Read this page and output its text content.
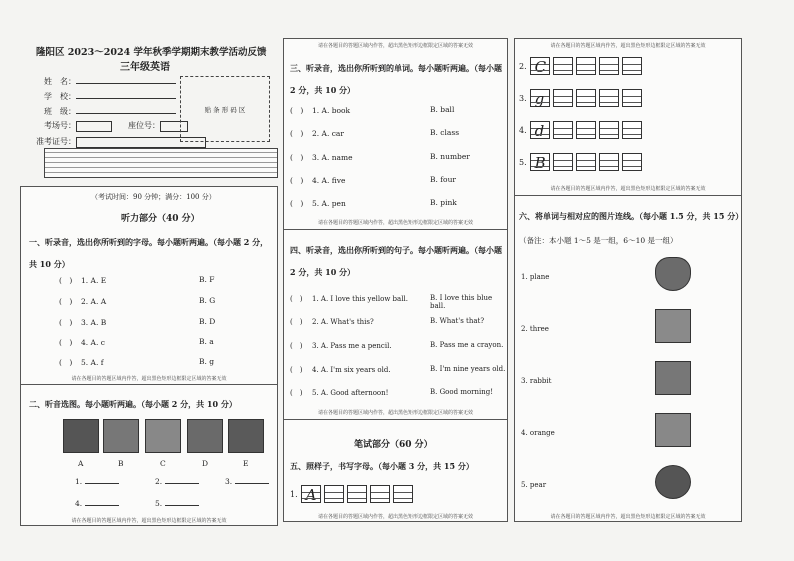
隆阳区 2023～2024 学年秋季学期期末教学活动反馈
三年级英语
姓　名：
学　校：
班　级：
考场号：	座位号：
准考证号：
贴 条 形 码 区
（考试时间：90 分钟；满分：100 分）
听力部分（40 分）
一、听录音，选出你所听到的字母。每小题听两遍。（每小题 2 分，共 10 分）
(　) 1. A. E	B. F
(　) 2. A. A	B. G
(　) 3. A. B	B. D
(　) 4. A. c	B. a
(　) 5. A. f	B. g
请在各题目的答题区域内作答，超出黑色矩形边框限定区域的答案无效
二、听音选图。每小题听两遍。（每小题 2 分，共 10 分）
A	B	C	D	E
1.	2.	3.
4.	5.
请在各题目的答题区域内作答，超出黑色矩形边框限定区域的答案无效
请在各题目的答题区域内作答，超出黑色矩形边框限定区域的答案无效
三、听录音，选出你所听到的单词。每小题听两遍。（每小题 2 分，共 10 分）
(　) 1. A. book	B. ball
(　) 2. A. car	B. class
(　) 3. A. name	B. number
(　) 4. A. five	B. four
(　) 5. A. pen	B. pink
请在各题目的答题区域内作答，超出黑色矩形边框限定区域的答案无效
四、听录音，选出你所听到的句子。每小题听两遍。（每小题 2 分，共 10 分）
(　) 1. A. I love this yellow ball.	B. I love this blue ball.
(　) 2. A. What's this?	B. What's that?
(　) 3. A. Pass me a pencil.	B. Pass me a crayon.
(　) 4. A. I'm six years old.	B. I'm nine years old.
(　) 5. A. Good afternoon!	B. Good morning!
请在各题目的答题区域内作答，超出黑色矩形边框限定区域的答案无效
笔试部分（60 分）
五、照样子，书写字母。（每小题 3 分，共 15 分）
1. A
请在各题目的答题区域内作答，超出黑色矩形边框限定区域的答案无效
请在各题目的答题区域内作答，超出黑色矩形边框限定区域的答案无效
2. C
3. g
4. d
5. B
请在各题目的答题区域内作答，超出黑色矩形边框限定区域的答案无效
六、将单词与相对应的图片连线。（每小题 1.5 分，共 15 分）
（备注：本小题 1～5 是一组，6～10 是一组）
1. plane
2. three
3. rabbit
4. orange
5. pear
请在各题目的答题区域内作答，超出黑色矩形边框限定区域的答案无效
